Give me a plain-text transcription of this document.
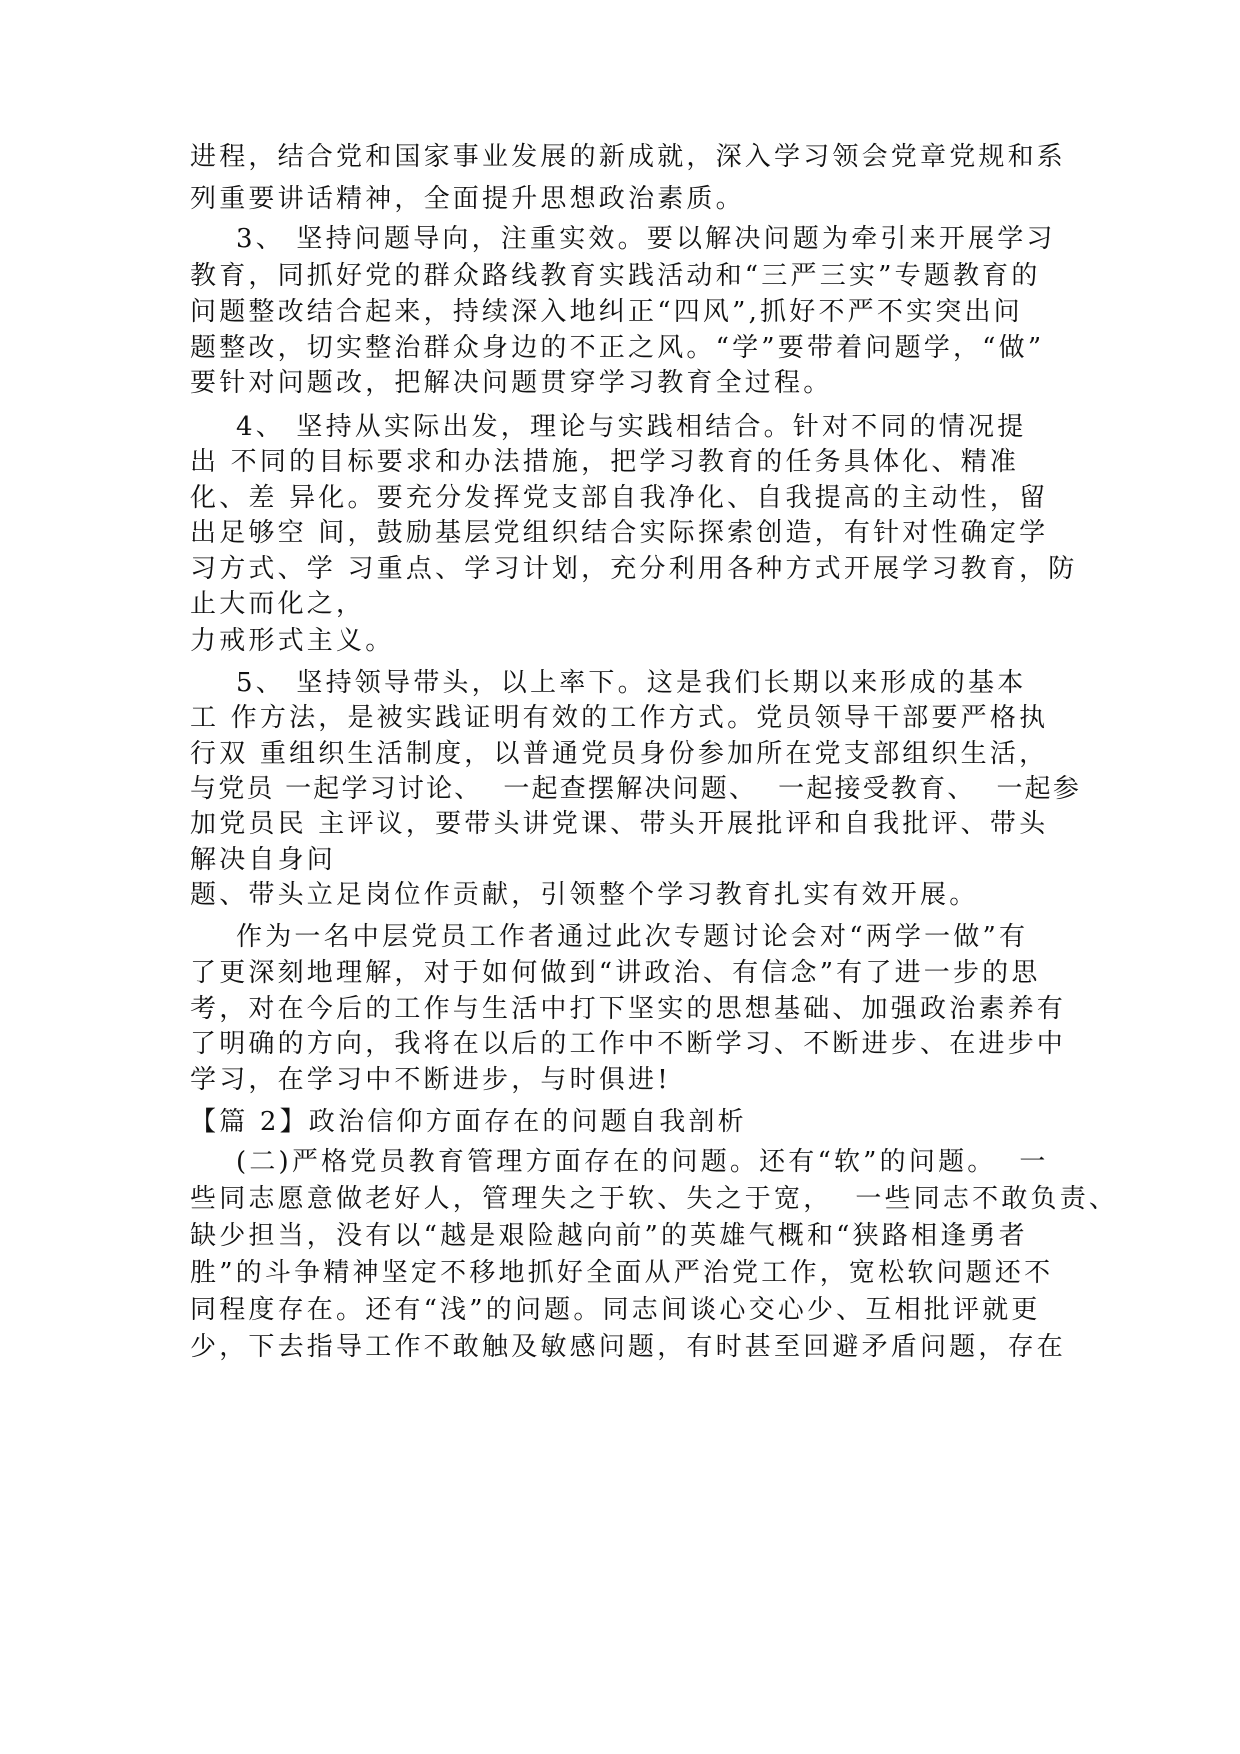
进程，结合党和国家事业发展的新成就，深入学习领会党章党规和系
列重要讲话精神，全面提升思想政治素质。
3、 坚持问题导向，注重实效。要以解决问题为牵引来开展学习
教育，同抓好党的群众路线教育实践活动和“三严三实”专题教育的
问题整改结合起来，持续深入地纠正“四风”,抓好不严不实突出问
题整改，切实整治群众身边的不正之风。“学”要带着问题学，“做”
要针对问题改，把解决问题贯穿学习教育全过程。
4、 坚持从实际出发，理论与实践相结合。针对不同的情况提
出 不同的目标要求和办法措施，把学习教育的任务具体化、精准
化、差 异化。要充分发挥党支部自我净化、自我提高的主动性，留
出足够空 间，鼓励基层党组织结合实际探索创造，有针对性确定学
习方式、学 习重点、学习计划，充分利用各种方式开展学习教育，防
止大而化之，
力戒形式主义。
5、 坚持领导带头，以上率下。这是我们长期以来形成的基本
工 作方法，是被实践证明有效的工作方式。党员领导干部要严格执
行双 重组织生活制度，以普通党员身份参加所在党支部组织生活，
与党员 一起学习讨论、  一起查摆解决问题、  一起接受教育、  一起参
加党员民 主评议，要带头讲党课、带头开展批评和自我批评、带头
解决自身问
题、带头立足岗位作贡献，引领整个学习教育扎实有效开展。
作为一名中层党员工作者通过此次专题讨论会对“两学一做”有
了更深刻地理解，对于如何做到“讲政治、有信念”有了进一步的思
考，对在今后的工作与生活中打下坚实的思想基础、加强政治素养有
了明确的方向，我将在以后的工作中不断学习、不断进步、在进步中
学习，在学习中不断进步，与时俱进!
【篇 2】政治信仰方面存在的问题自我剖析
(二)严格党员教育管理方面存在的问题。还有“软”的问题。  一
些同志愿意做老好人，管理失之于软、失之于宽，  一些同志不敢负责、
缺少担当，没有以“越是艰险越向前”的英雄气概和“狭路相逢勇者
胜”的斗争精神坚定不移地抓好全面从严治党工作，宽松软问题还不
同程度存在。还有“浅”的问题。同志间谈心交心少、互相批评就更
少，下去指导工作不敢触及敏感问题，有时甚至回避矛盾问题，存在
